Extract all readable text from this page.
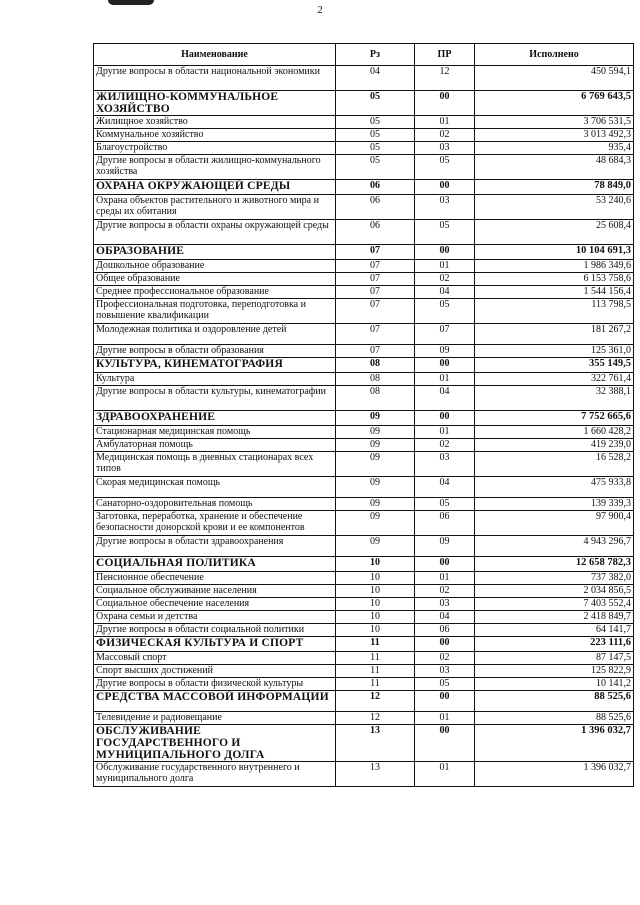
2
Наименование	Рз	ПР	Исполнено
Другие вопросы в области национальной экономики	04	12	450 594,1
ЖИЛИЩНО-КОММУНАЛЬНОЕ ХОЗЯЙСТВО	05	00	6 769 643,5
Жилищное хозяйство	05	01	3 706 531,5
Коммунальное хозяйство	05	02	3 013 492,3
Благоустройство	05	03	935,4
Другие вопросы в области жилищно-коммунального хозяйства	05	05	48 684,3
ОХРАНА ОКРУЖАЮЩЕЙ СРЕДЫ	06	00	78 849,0
Охрана объектов растительного и животного мира и среды их обитания	06	03	53 240,6
Другие вопросы в области охраны окружающей среды	06	05	25 608,4
ОБРАЗОВАНИЕ	07	00	10 104 691,3
Дошкольное образование	07	01	1 986 349,6
Общее образование	07	02	6 153 758,6
Среднее профессиональное образование	07	04	1 544 156,4
Профессиональная подготовка, переподготовка и повышение квалификации	07	05	113 798,5
Молодежная политика и оздоровление детей	07	07	181 267,2
Другие вопросы в области образования	07	09	125 361,0
КУЛЬТУРА, КИНЕМАТОГРАФИЯ	08	00	355 149,5
Культура	08	01	322 761,4
Другие вопросы в области культуры, кинематографии	08	04	32 388,1
ЗДРАВООХРАНЕНИЕ	09	00	7 752 665,6
Стационарная медицинская помощь	09	01	1 660 428,2
Амбулаторная помощь	09	02	419 239,0
Медицинская помощь в дневных стационарах всех типов	09	03	16 528,2
Скорая медицинская помощь	09	04	475 933,8
Санаторно-оздоровительная помощь	09	05	139 339,3
Заготовка, переработка, хранение и обеспечение безопасности донорской крови и ее компонентов	09	06	97 900,4
Другие вопросы в области здравоохранения	09	09	4 943 296,7
СОЦИАЛЬНАЯ ПОЛИТИКА	10	00	12 658 782,3
Пенсионное обеспечение	10	01	737 382,0
Социальное обслуживание населения	10	02	2 034 856,5
Социальное обеспечение населения	10	03	7 403 552,4
Охрана семьи и детства	10	04	2 418 849,7
Другие вопросы в области социальной политики	10	06	64 141,7
ФИЗИЧЕСКАЯ КУЛЬТУРА И СПОРТ	11	00	223 111,6
Массовый спорт	11	02	87 147,5
Спорт высших достижений	11	03	125 822,9
Другие вопросы в области физической культуры	11	05	10 141,2
СРЕДСТВА МАССОВОЙ ИНФОРМАЦИИ	12	00	88 525,6
Телевидение и радиовещание	12	01	88 525,6
ОБСЛУЖИВАНИЕ ГОСУДАРСТВЕННОГО И МУНИЦИПАЛЬНОГО ДОЛГА	13	00	1 396 032,7
Обслуживание государственного внутреннего и муниципального долга	13	01	1 396 032,7
